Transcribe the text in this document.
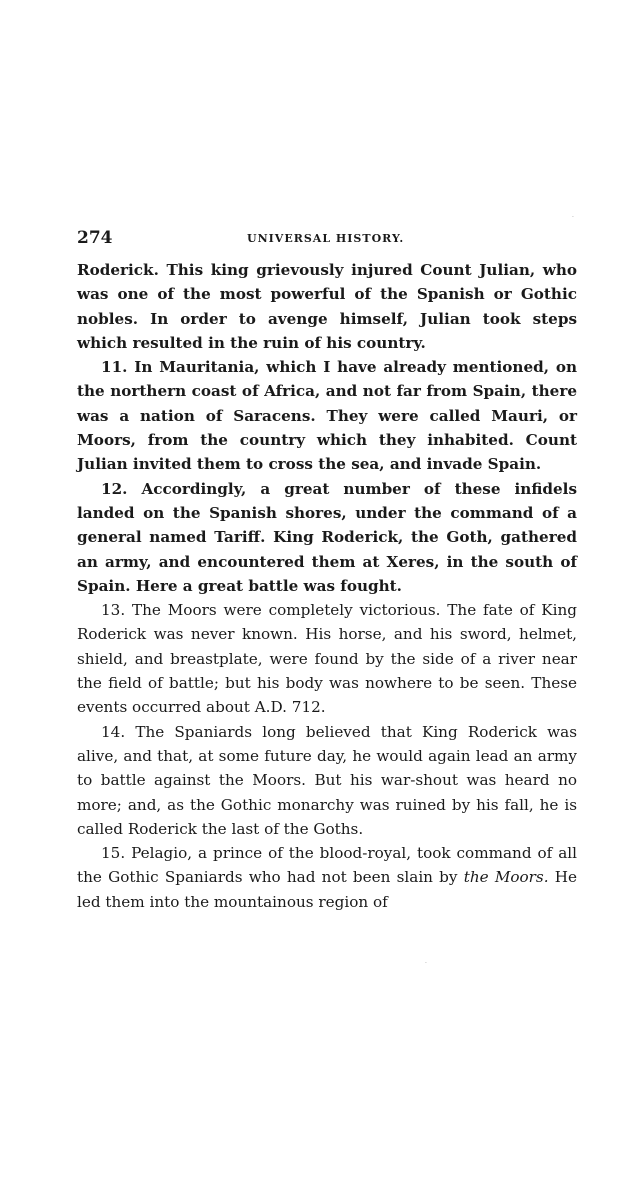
274	UNIVERSAL HISTORY.

Roderick. This king grievously injured Count Julian, who was one of the most powerful of the Spanish or Gothic nobles. In order to avenge himself, Julian took steps which resulted in the ruin of his country.

11. In Mauritania, which I have already mentioned, on the northern coast of Africa, and not far from Spain, there was a nation of Saracens. They were called Mauri, or Moors, from the country which they inhabited. Count Julian invited them to cross the sea, and invade Spain.

12. Accordingly, a great number of these infidels landed on the Spanish shores, under the command of a general named Tariff. King Roderick, the Goth, gathered an army, and encountered them at Xeres, in the south of Spain. Here a great battle was fought.

13. The Moors were completely victorious. The fate of King Roderick was never known. His horse, and his sword, helmet, shield, and breastplate, were found by the side of a river near the field of battle; but his body was nowhere to be seen. These events occurred about A.D. 712.

14. The Spaniards long believed that King Roderick was alive, and that, at some future day, he would again lead an army to battle against the Moors. But his war-shout was heard no more; and, as the Gothic monarchy was ruined by his fall, he is called Roderick the last of the Goths.

15. Pelagio, a prince of the blood-royal, took command of all the Gothic Spaniards who had not been slain by the Moors. He led them into the mountainous region of

·
·
